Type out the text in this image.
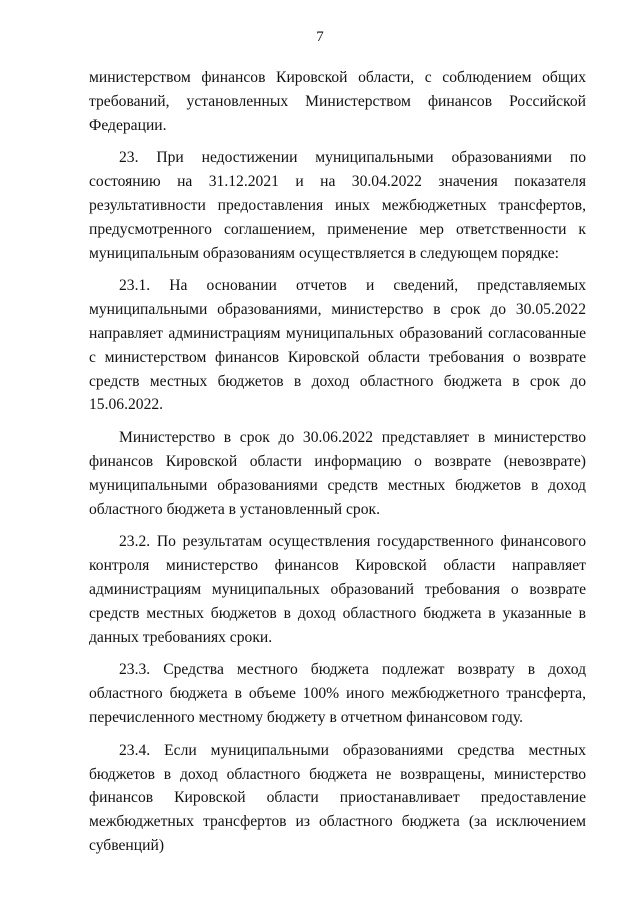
7

министерством финансов Кировской области, с соблюдением общих требований, установленных Министерством финансов Российской Федерации.

23. При недостижении муниципальными образованиями по состоянию на 31.12.2021 и на 30.04.2022 значения показателя результативности предоставления иных межбюджетных трансфертов, предусмотренного соглашением, применение мер ответственности к муниципальным образованиям осуществляется в следующем порядке:

23.1. На основании отчетов и сведений, представляемых муниципальными образованиями, министерство в срок до 30.05.2022 направляет администрациям муниципальных образований согласованные с министерством финансов Кировской области требования о возврате средств местных бюджетов в доход областного бюджета в срок до 15.06.2022.

Министерство в срок до 30.06.2022 представляет в министерство финансов Кировской области информацию о возврате (невозврате) муниципальными образованиями средств местных бюджетов в доход областного бюджета в установленный срок.

23.2. По результатам осуществления государственного финансового контроля министерство финансов Кировской области направляет администрациям муниципальных образований требования о возврате средств местных бюджетов в доход областного бюджета в указанные в данных требованиях сроки.

23.3. Средства местного бюджета подлежат возврату в доход областного бюджета в объеме 100% иного межбюджетного трансферта, перечисленного местному бюджету в отчетном финансовом году.

23.4. Если муниципальными образованиями средства местных бюджетов в доход областного бюджета не возвращены, министерство финансов Кировской области приостанавливает предоставление межбюджетных трансфертов из областного бюджета (за исключением субвенций)
